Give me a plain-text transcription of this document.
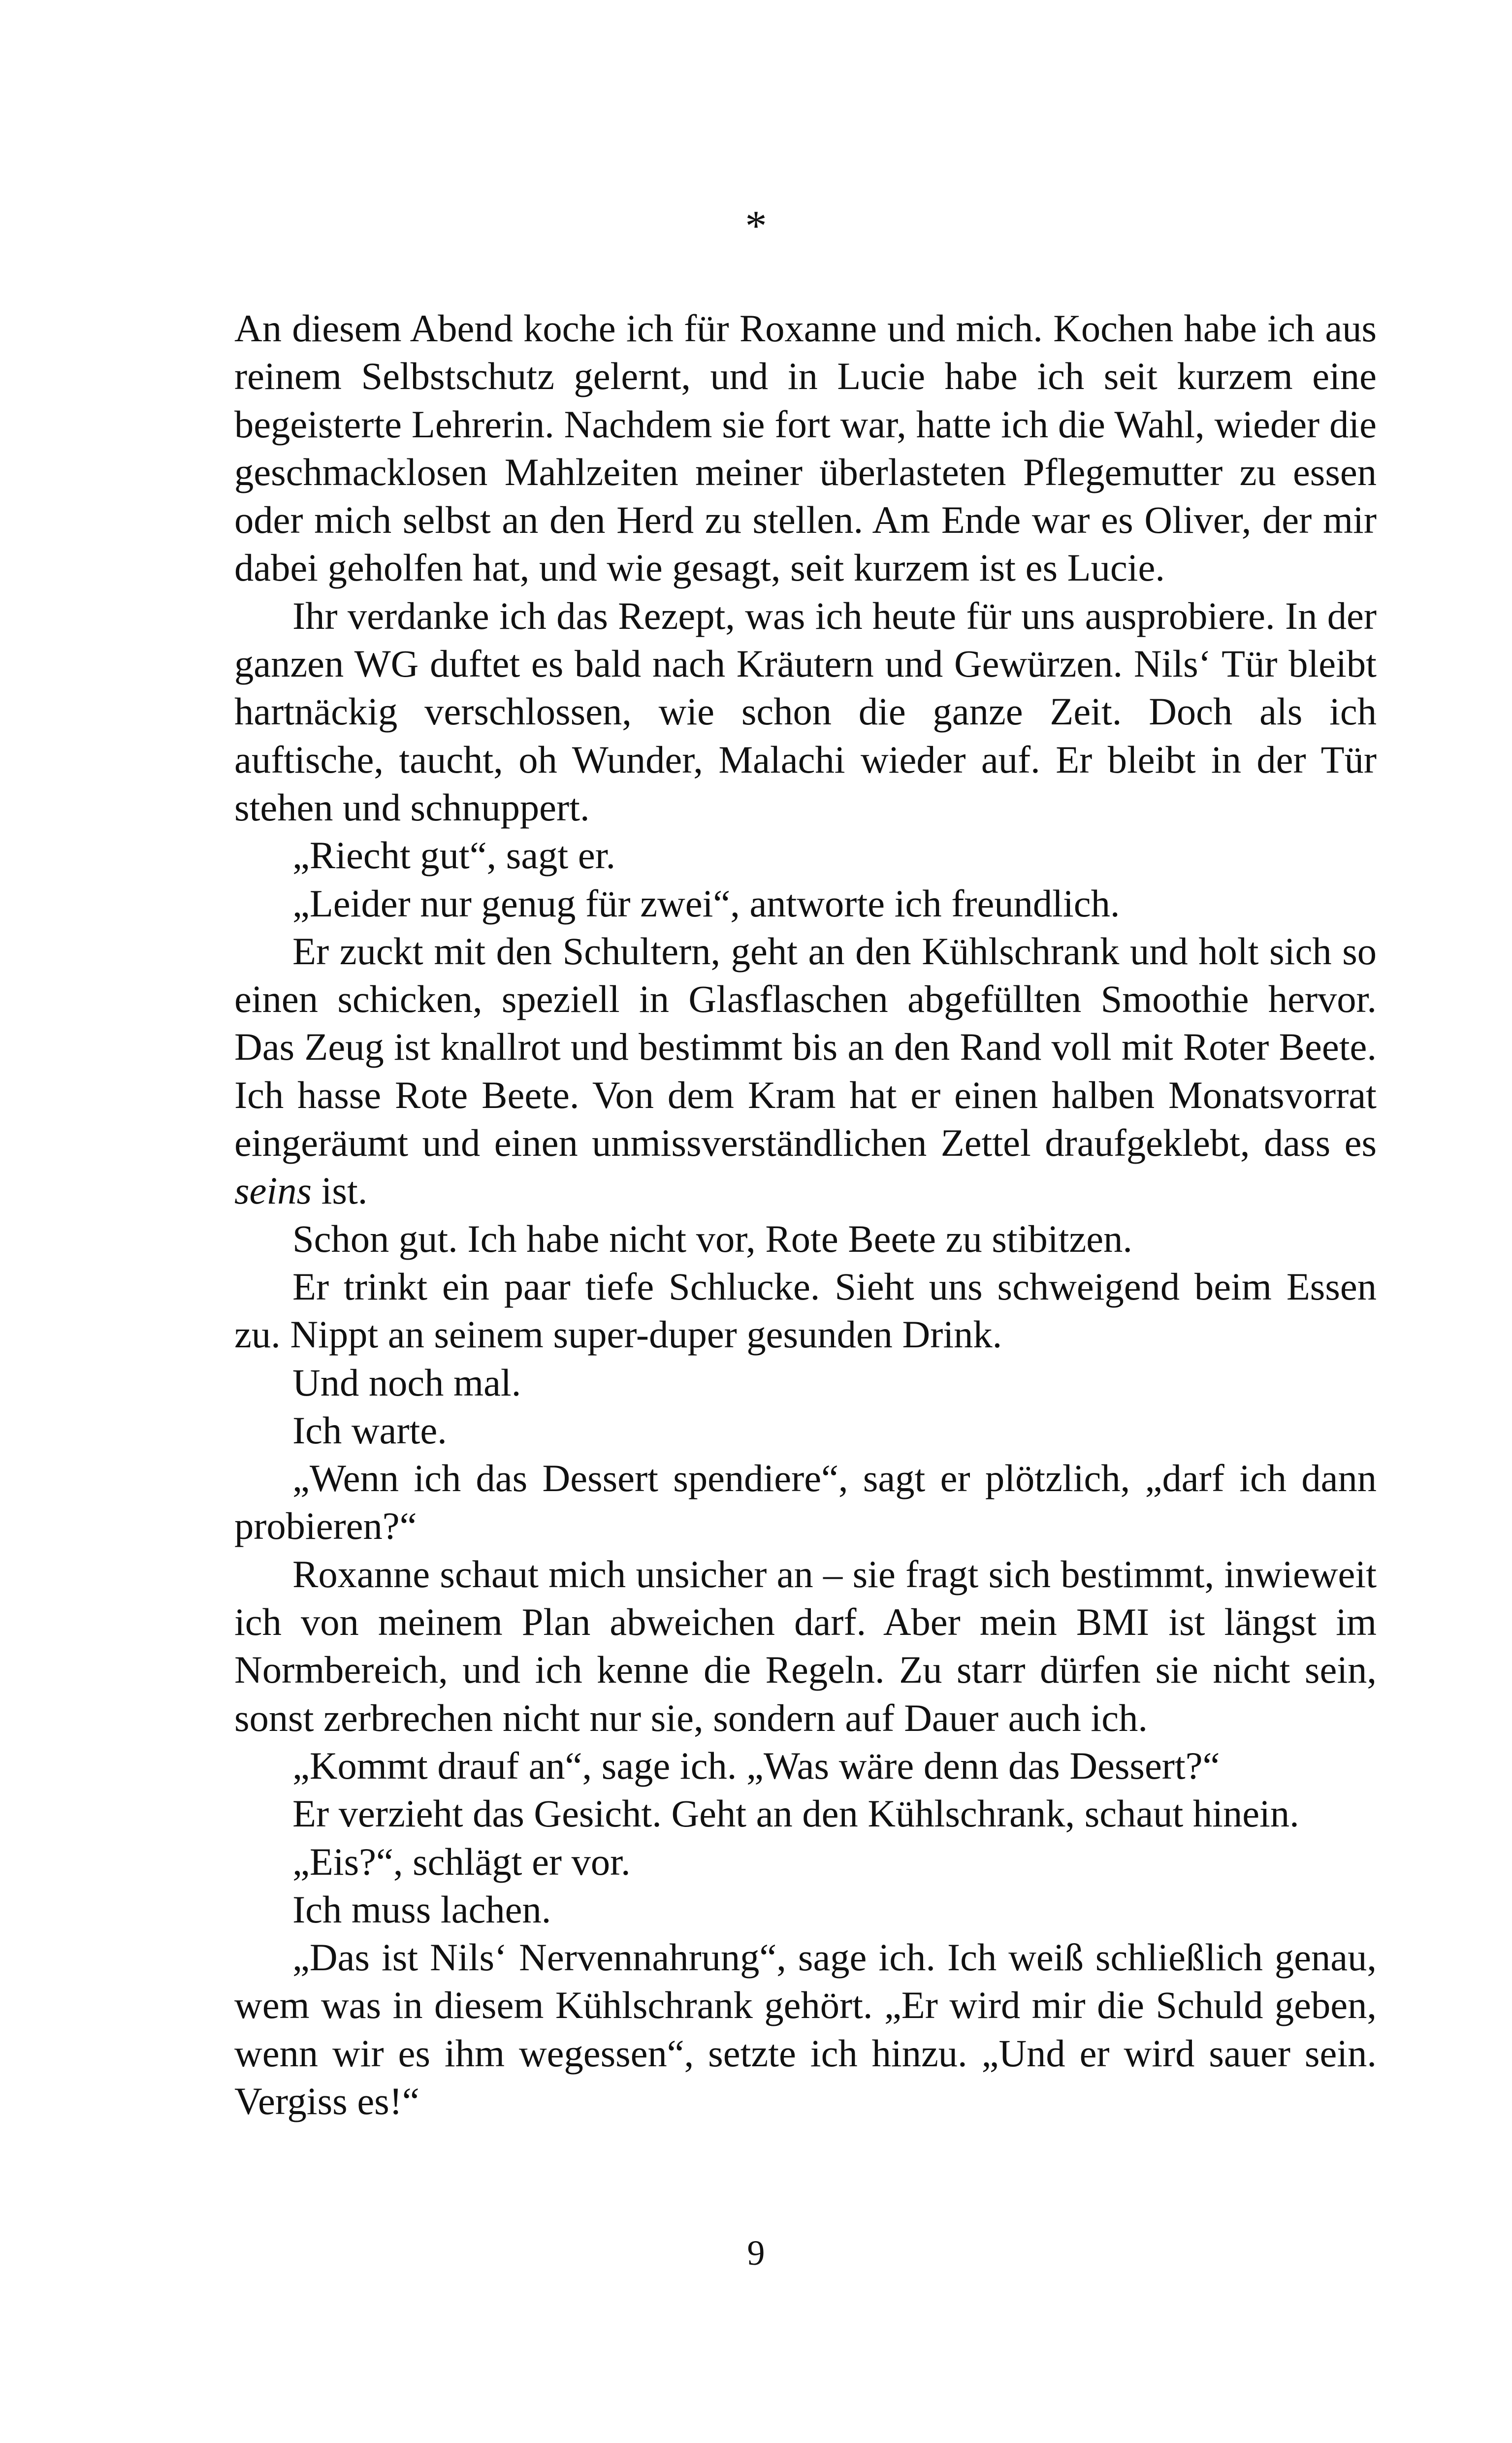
*

An diesem Abend koche ich für Roxanne und mich. Kochen habe ich aus reinem Selbstschutz gelernt, und in Lucie habe ich seit kurzem eine begeisterte Lehrerin. Nachdem sie fort war, hatte ich die Wahl, wieder die geschmacklosen Mahlzeiten meiner überlasteten Pflegemutter zu essen oder mich selbst an den Herd zu stellen. Am Ende war es Oliver, der mir dabei geholfen hat, und wie gesagt, seit kurzem ist es Lucie.

Ihr verdanke ich das Rezept, was ich heute für uns ausprobiere. In der ganzen WG duftet es bald nach Kräutern und Gewürzen. Nils‘ Tür bleibt hartnäckig verschlossen, wie schon die ganze Zeit. Doch als ich auftische, taucht, oh Wunder, Malachi wieder auf. Er bleibt in der Tür stehen und schnuppert.

„Riecht gut“, sagt er.

„Leider nur genug für zwei“, antworte ich freundlich.

Er zuckt mit den Schultern, geht an den Kühlschrank und holt sich so einen schicken, speziell in Glasflaschen abgefüllten Smoothie hervor. Das Zeug ist knallrot und bestimmt bis an den Rand voll mit Roter Beete. Ich hasse Rote Beete. Von dem Kram hat er einen halben Monatsvorrat eingeräumt und einen unmissverständlichen Zettel draufgeklebt, dass es seins ist.

Schon gut. Ich habe nicht vor, Rote Beete zu stibitzen.

Er trinkt ein paar tiefe Schlucke. Sieht uns schweigend beim Essen zu. Nippt an seinem super-duper gesunden Drink.

Und noch mal.

Ich warte.

„Wenn ich das Dessert spendiere“, sagt er plötzlich, „darf ich dann probieren?“

Roxanne schaut mich unsicher an – sie fragt sich bestimmt, inwieweit ich von meinem Plan abweichen darf. Aber mein BMI ist längst im Normbereich, und ich kenne die Regeln. Zu starr dürfen sie nicht sein, sonst zerbrechen nicht nur sie, sondern auf Dauer auch ich.

„Kommt drauf an“, sage ich. „Was wäre denn das Dessert?“

Er verzieht das Gesicht. Geht an den Kühlschrank, schaut hinein.

„Eis?“, schlägt er vor.

Ich muss lachen.

„Das ist Nils‘ Nervennahrung“, sage ich. Ich weiß schließlich genau, wem was in diesem Kühlschrank gehört. „Er wird mir die Schuld geben, wenn wir es ihm wegessen“, setzte ich hinzu. „Und er wird sauer sein. Vergiss es!“

9
